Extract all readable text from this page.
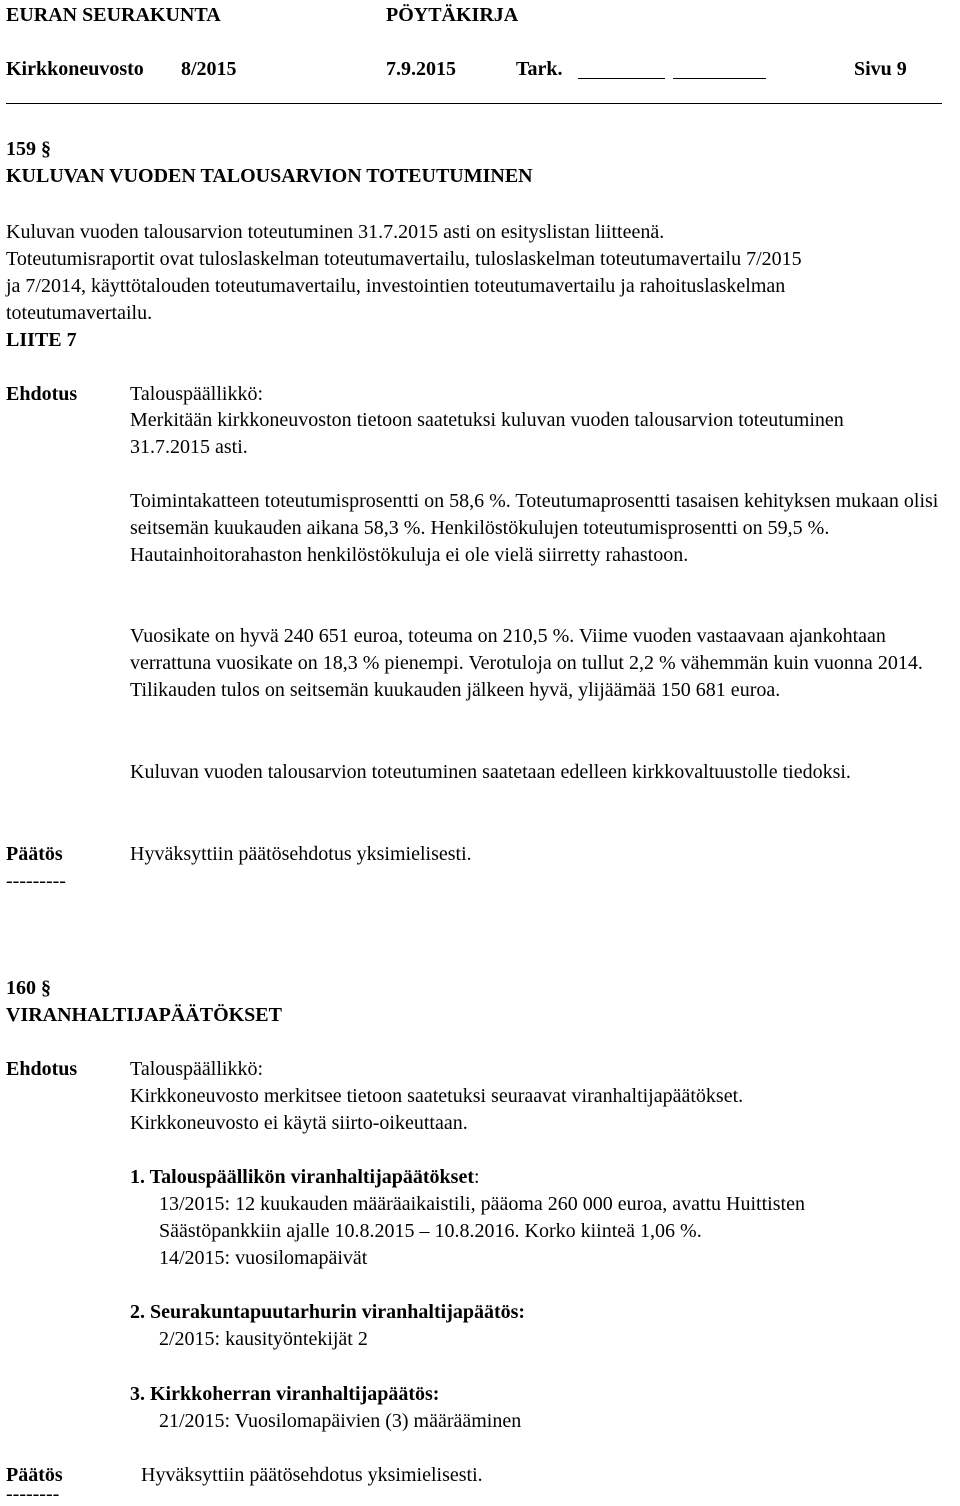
EURAN SEURAKUNTA	PÖYTÄKIRJA
Kirkkoneuvosto 8/2015	7.9.2015	Tark.	Sivu 9
159 §
KULUVAN VUODEN TALOUSARVION TOTEUTUMINEN
Kuluvan vuoden talousarvion toteutuminen 31.7.2015 asti on esityslistan liitteenä.
Toteutumisraportit ovat tuloslaskelman toteutumavertailu, tuloslaskelman toteutumavertailu 7/2015
ja 7/2014, käyttötalouden toteutumavertailu, investointien toteutumavertailu ja rahoituslaskelman
toteutumavertailu.
LIITE 7
Ehdotus	Talouspäällikkö:
Merkitään kirkkoneuvoston tietoon saatetuksi kuluvan vuoden talousarvion toteutuminen 31.7.2015 asti.
Toimintakatteen toteutumisprosentti on 58,6 %. Toteutumaprosentti tasaisen kehityksen mukaan olisi seitsemän kuukauden aikana 58,3 %. Henkilöstökulujen toteutumisprosentti on 59,5 %. Hautainhoitorahaston henkilöstökuluja ei ole vielä siirretty rahastoon.
Vuosikate on hyvä 240 651 euroa, toteuma on 210,5 %. Viime vuoden vastaavaan ajankohtaan verrattuna vuosikate on 18,3 % pienempi. Verotuloja on tullut 2,2 % vähemmän kuin vuonna 2014. Tilikauden tulos on seitsemän kuukauden jälkeen hyvä, ylijäämää 150 681 euroa.
Kuluvan vuoden talousarvion toteutuminen saatetaan edelleen kirkkovaltuustolle tiedoksi.
Päätös	Hyväksyttiin päätösehdotus yksimielisesti.
---------
160 §
VIRANHALTIJAPÄÄTÖKSET
Ehdotus	Talouspäällikkö:
Kirkkoneuvosto merkitsee tietoon saatetuksi seuraavat viranhaltijapäätökset.
Kirkkoneuvosto ei käytä siirto-oikeuttaan.
1. Talouspäällikön viranhaltijapäätökset:
13/2015: 12 kuukauden määräaikaistili, pääoma 260 000 euroa, avattu Huittisten
Säästöpankkiin ajalle 10.8.2015 – 10.8.2016. Korko kiinteä 1,06 %.
14/2015: vuosilomapäivät
2. Seurakuntapuutarhurin viranhaltijapäätös:
2/2015: kausityöntekijät 2
3. Kirkkoherran viranhaltijapäätös:
21/2015: Vuosilomapäivien (3) määrääminen
Päätös	Hyväksyttiin päätösehdotus yksimielisesti.
--------
